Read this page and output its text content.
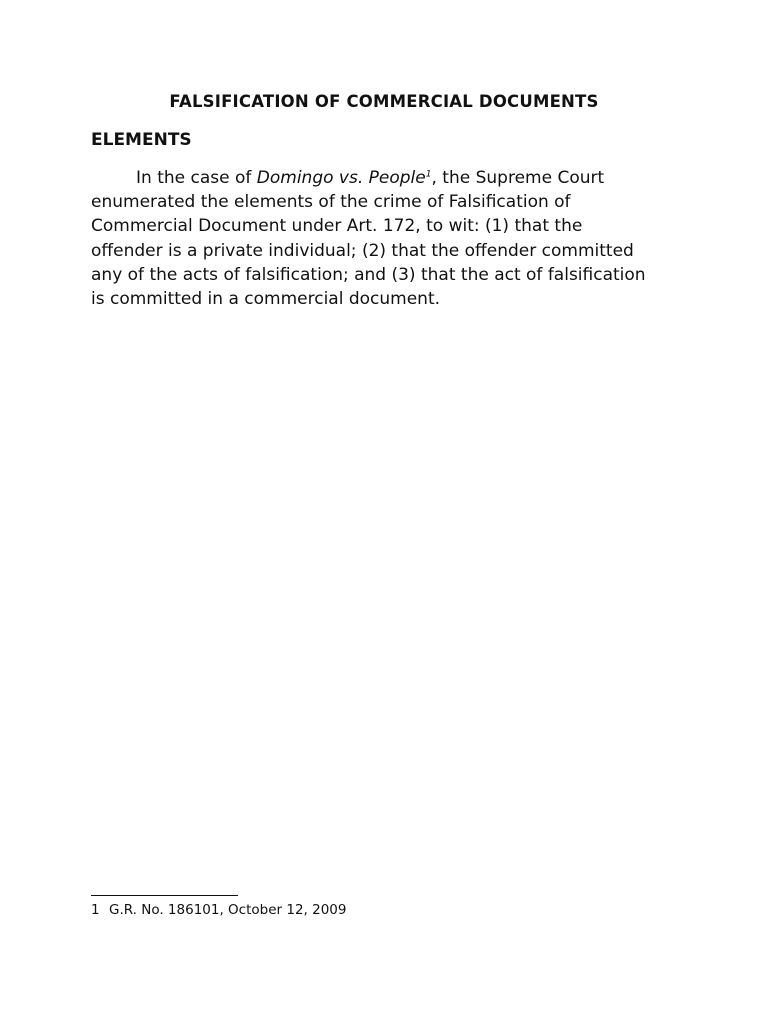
FALSIFICATION OF COMMERCIAL DOCUMENTS
ELEMENTS

In the case of Domingo vs. People$^1$, the Supreme Court
enumerated the elements of the crime of Falsification of
Commercial Document under Art. 172, to wit: (1) that the
offender is a private individual; (2) that the offender committed
any of the acts of falsification; and (3) that the act of falsification
is committed in a commercial document.

1 G.R. No. 186101, October 12, 2009
